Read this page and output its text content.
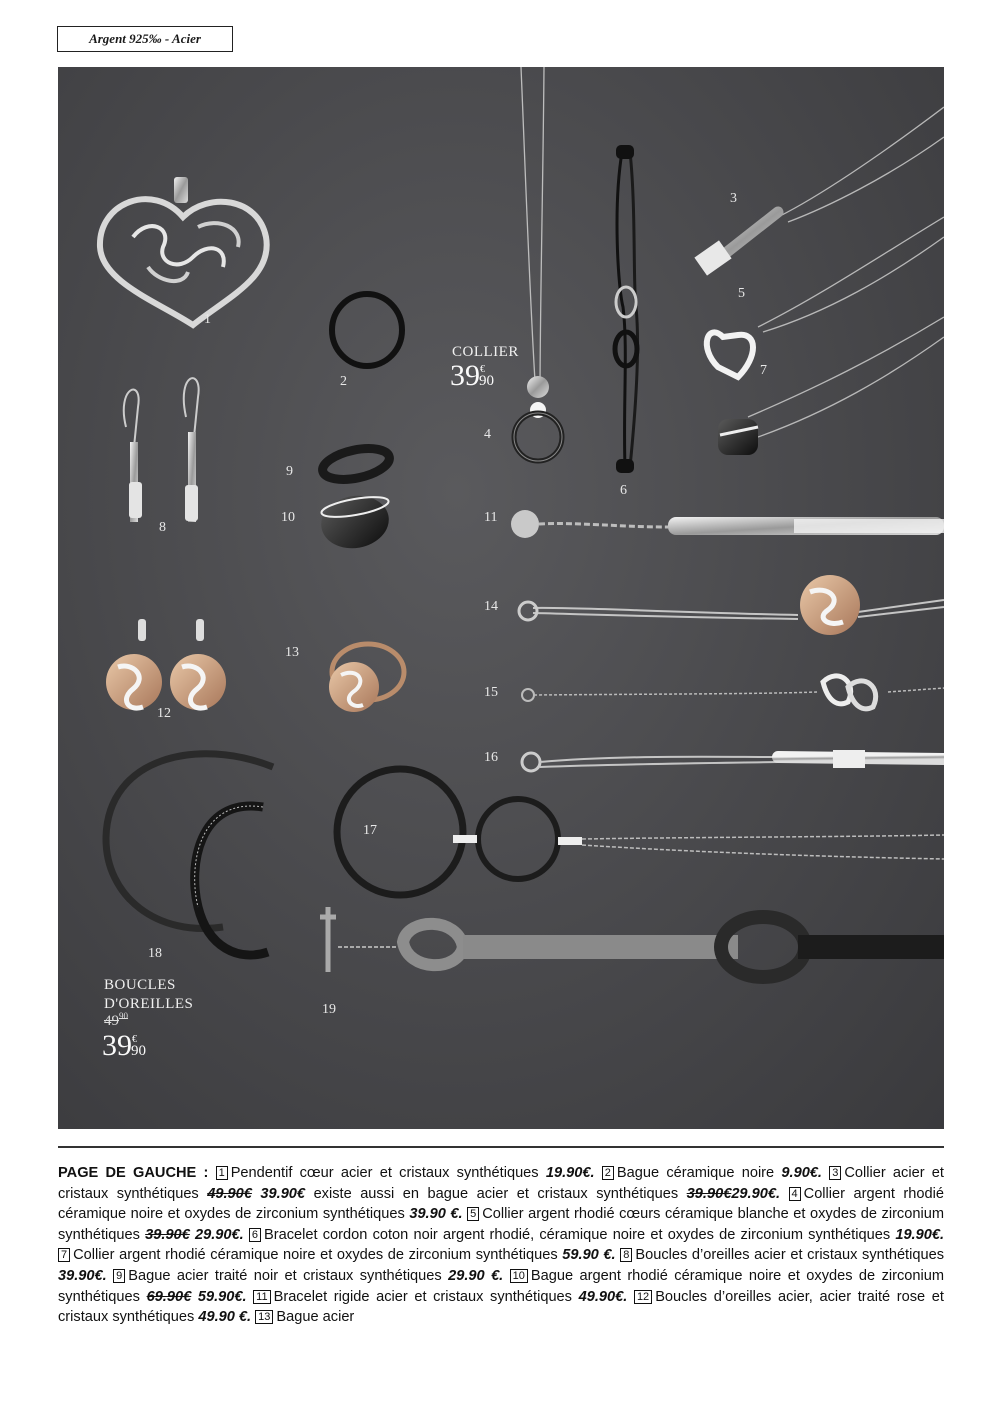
Argent 925‰ - Acier
1
2
3
4
5
6
7
8
9
10	11
12
13
14
15
16
17
18
19
COLLIER
39€90
BOUCLES
D'OREILLES
$49^{90}$
39€90
PAGE DE GAUCHE : 1 Pendentif cœur acier et cristaux synthétiques 19.90€. 2 Bague céramique noire 9.90€. 3 Collier acier et cristaux synthétiques 49.90€ 39.90€ existe aussi en bague acier et cristaux synthétiques 39.90€29.90€. 4 Collier argent rhodié céramique noire et oxydes de zirconium synthétiques 39.90 €. 5 Collier argent rhodié cœurs céramique blanche et oxydes de zirconium synthétiques 39.90€ 29.90€. 6 Bracelet cordon coton noir argent rhodié, céramique noire et oxydes de zirconium synthétiques 19.90€. 7 Collier argent rhodié céramique noire et oxydes de zirconium synthétiques 59.90 €. 8 Boucles d’oreilles acier et cristaux synthétiques 39.90€. 9 Bague acier traité noir et cristaux synthétiques 29.90 €. 10 Bague argent rhodié céramique noire et oxydes de zirconium synthétiques 69.90€ 59.90€. 11 Bracelet rigide acier et cristaux synthétiques 49.90€. 12 Boucles d’oreilles acier, acier traité rose et cristaux synthétiques 49.90 €. 13 Bague acier
